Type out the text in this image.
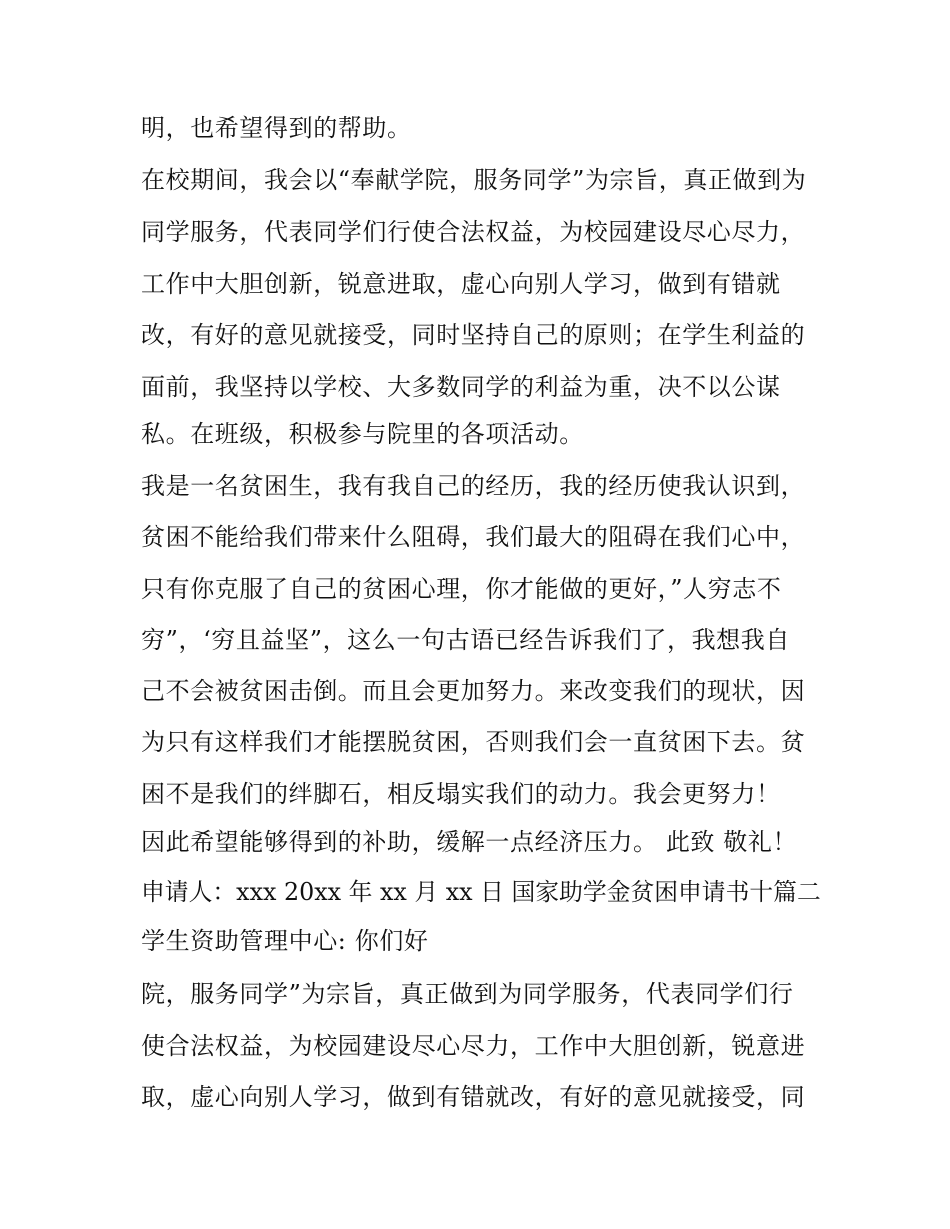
明，也希望得到的帮助。
在校期间，我会以“奉献学院，服务同学”为宗旨，真正做到为
同学服务，代表同学们行使合法权益，为校园建设尽心尽力，
工作中大胆创新，锐意进取，虚心向别人学习，做到有错就
改，有好的意见就接受，同时坚持自己的原则；在学生利益的
面前，我坚持以学校、大多数同学的利益为重，决不以公谋
私。在班级，积极参与院里的各项活动。
我是一名贫困生，我有我自己的经历，我的经历使我认识到，
贫困不能给我们带来什么阻碍，我们最大的阻碍在我们心中，
只有你克服了自己的贫困心理，你才能做的更好，”人穷志不
穷”，‘穷且益坚”，这么一句古语已经告诉我们了，我想我自
己不会被贫困击倒。而且会更加努力。来改变我们的现状，因
为只有这样我们才能摆脱贫困，否则我们会一直贫困下去。贫
困不是我们的绊脚石，相反塌实我们的动力。我会更努力！
因此希望能够得到的补助，缓解一点经济压力。 此致 敬礼！
申请人：xxx 20xx 年 xx 月 xx 日 国家助学金贫困申请书十篇二
学生资助管理中心: 你们好
院，服务同学”为宗旨，真正做到为同学服务，代表同学们行
使合法权益，为校园建设尽心尽力，工作中大胆创新，锐意进
取，虚心向别人学习，做到有错就改，有好的意见就接受，同
